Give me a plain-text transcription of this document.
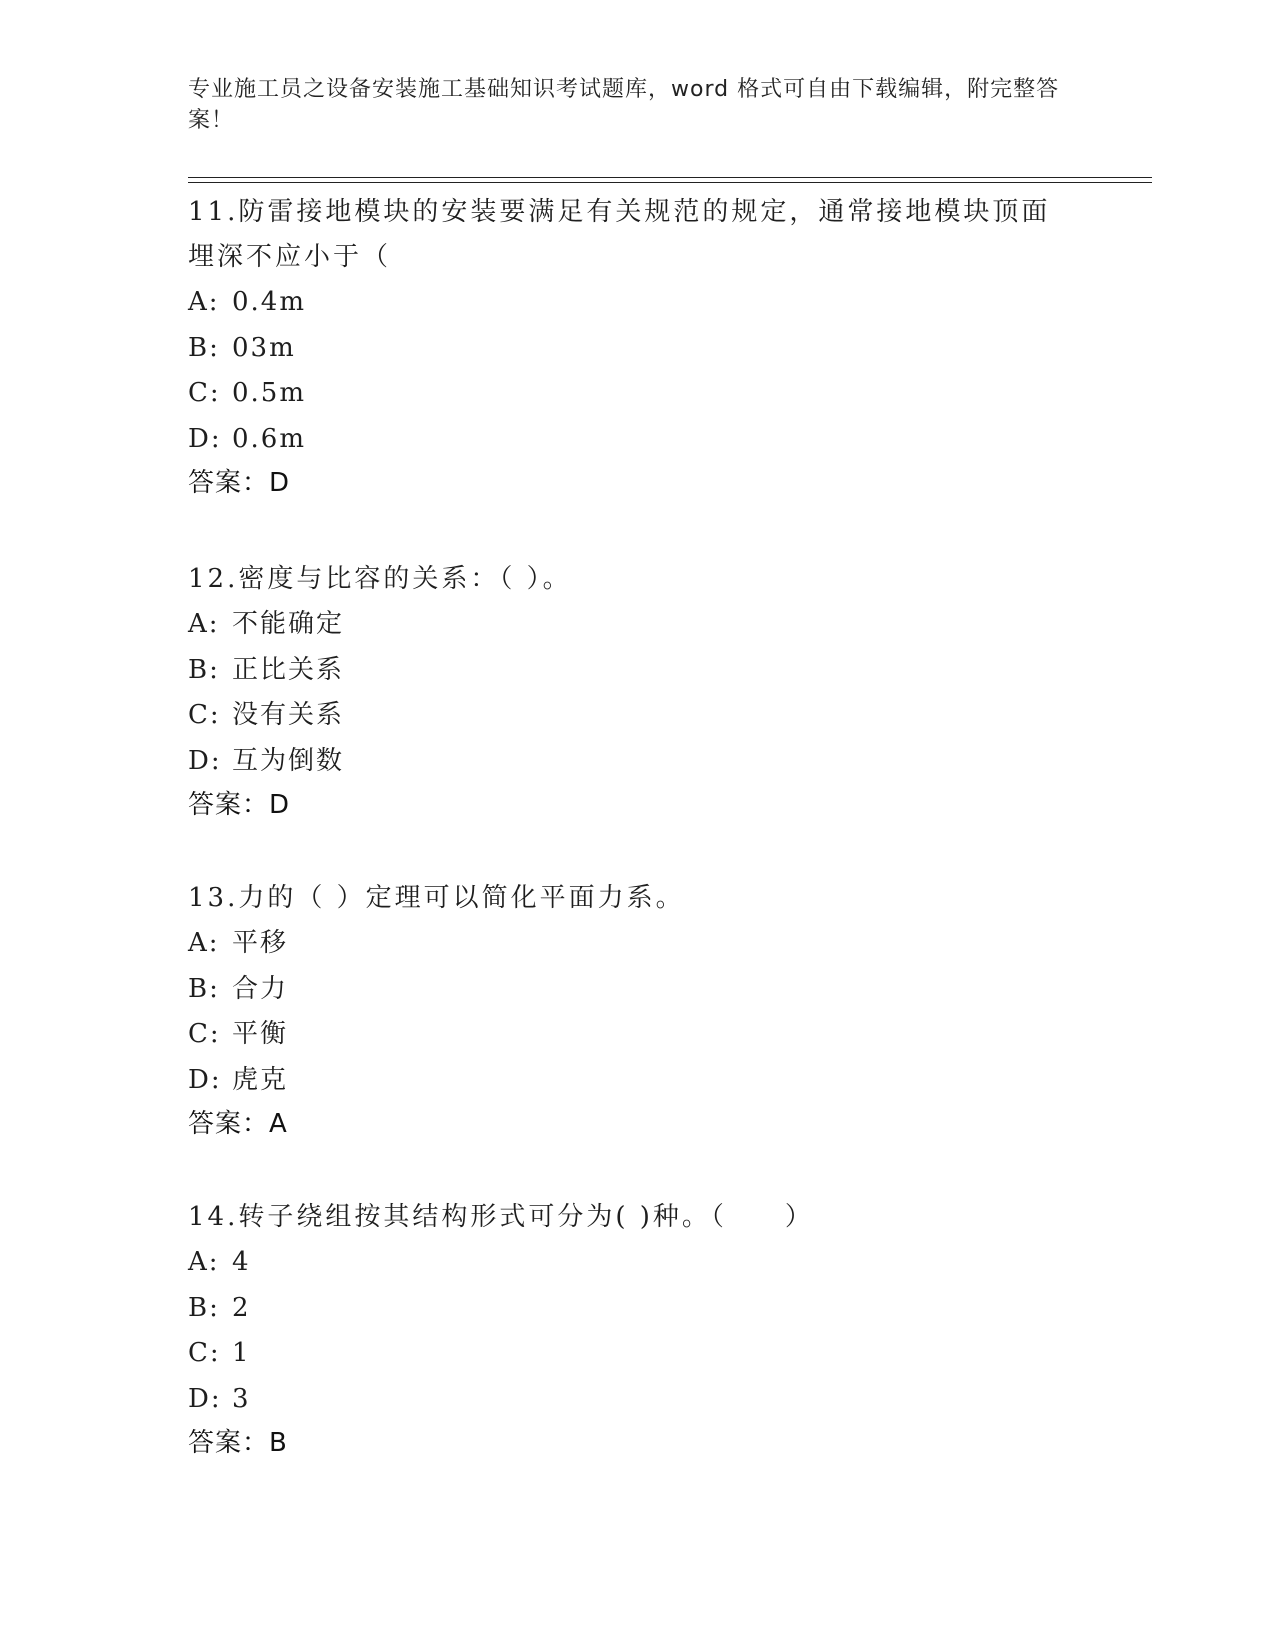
专业施工员之设备安装施工基础知识考试题库，word 格式可自由下载编辑，附完整答案！

11.防雷接地模块的安装要满足有关规范的规定，通常接地模块顶面埋深不应小于（

A: 0.4m
B: 03m
C: 0.5m
D: 0.6m
答案：D

12.密度与比容的关系：（ ）。

A: 不能确定
B: 正比关系
C: 没有关系
D: 互为倒数
答案：D

13.力的（ ）定理可以简化平面力系。

A: 平移
B: 合力
C: 平衡
D: 虎克
答案：A

14.转子绕组按其结构形式可分为( )种。（　　）

A: 4
B: 2
C: 1
D: 3
答案：B
